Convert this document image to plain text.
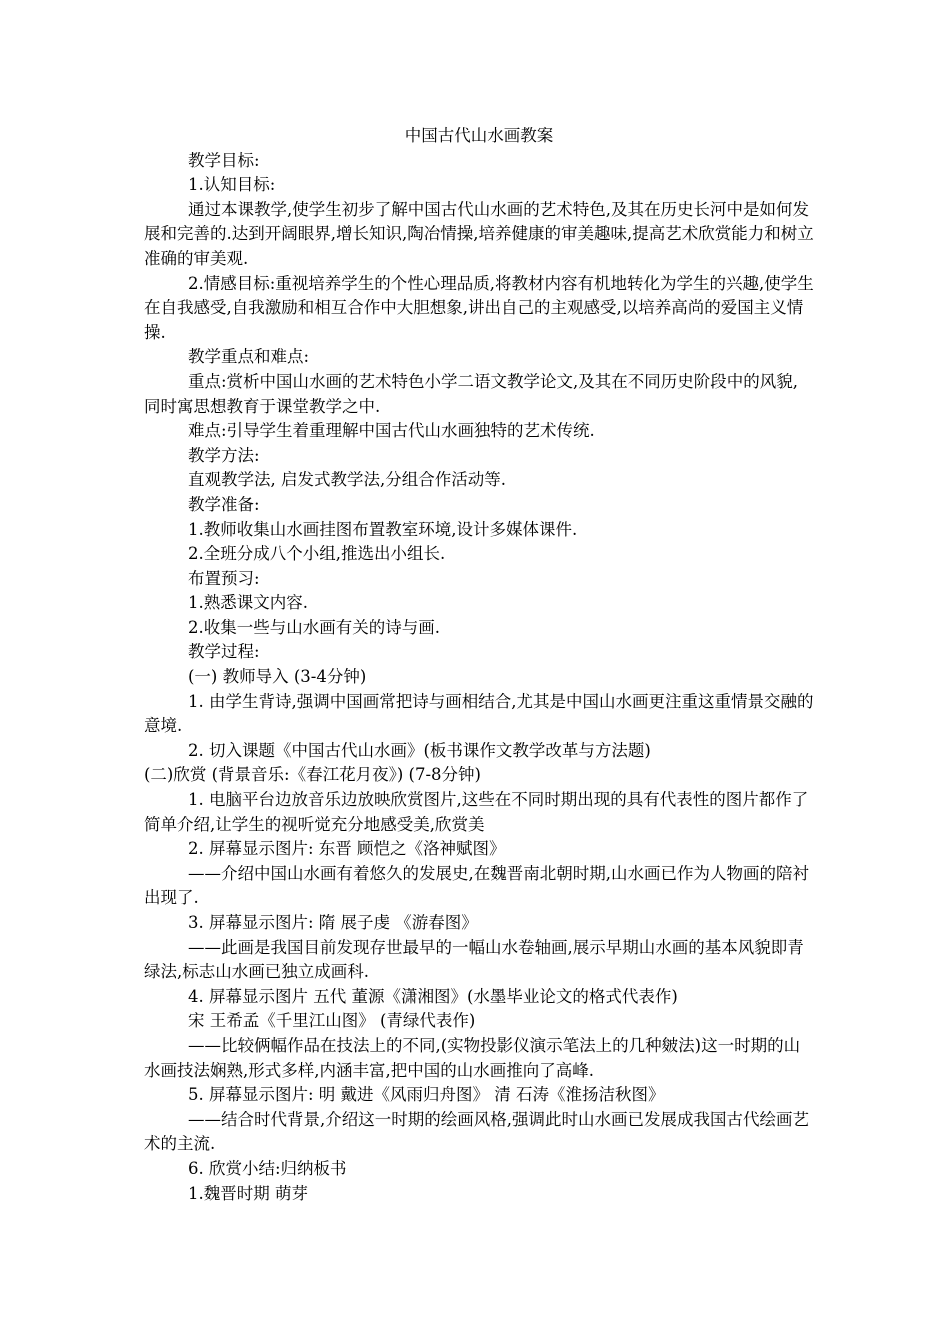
中国古代山水画教案

教学目标:

1.认知目标:

通过本课教学,使学生初步了解中国古代山水画的艺术特色,及其在历史长河中是如何发展和完善的.达到开阔眼界,增长知识,陶冶情操,培养健康的审美趣味,提高艺术欣赏能力和树立准确的审美观.

2.情感目标:重视培养学生的个性心理品质,将教材内容有机地转化为学生的兴趣,使学生在自我感受,自我激励和相互合作中大胆想象,讲出自己的主观感受,以培养高尚的爱国主义情操.

教学重点和难点:

重点:赏析中国山水画的艺术特色小学二语文教学论文,及其在不同历史阶段中的风貌,同时寓思想教育于课堂教学之中.

难点:引导学生着重理解中国古代山水画独特的艺术传统.

教学方法:

直观教学法, 启发式教学法,分组合作活动等.

教学准备:

1.教师收集山水画挂图布置教室环境,设计多媒体课件.

2.全班分成八个小组,推选出小组长.

布置预习:

1.熟悉课文内容.

2.收集一些与山水画有关的诗与画.

教学过程:

(一) 教师导入 (3-4分钟)

1. 由学生背诗,强调中国画常把诗与画相结合,尤其是中国山水画更注重这重情景交融的意境.

2. 切入课题《中国古代山水画》(板书课作文教学改革与方法题)

(二)欣赏 (背景音乐:《春江花月夜》) (7-8分钟)

1. 电脑平台边放音乐边放映欣赏图片,这些在不同时期出现的具有代表性的图片都作了简单介绍,让学生的视听觉充分地感受美,欣赏美

2. 屏幕显示图片: 东晋 顾恺之《洛神赋图》

——介绍中国山水画有着悠久的发展史,在魏晋南北朝时期,山水画已作为人物画的陪衬出现了.

3. 屏幕显示图片: 隋 展子虔 《游春图》

——此画是我国目前发现存世最早的一幅山水卷轴画,展示早期山水画的基本风貌即青绿法,标志山水画已独立成画科.

4. 屏幕显示图片 五代 董源《潇湘图》(水墨毕业论文的格式代表作)

宋 王希孟《千里江山图》 (青绿代表作)

——比较俩幅作品在技法上的不同,(实物投影仪演示笔法上的几种皴法)这一时期的山水画技法娴熟,形式多样,内涵丰富,把中国的山水画推向了高峰.

5. 屏幕显示图片: 明 戴进《风雨归舟图》 清 石涛《淮扬洁秋图》

——结合时代背景,介绍这一时期的绘画风格,强调此时山水画已发展成我国古代绘画艺术的主流.

6. 欣赏小结:归纳板书

1.魏晋时期 萌芽
